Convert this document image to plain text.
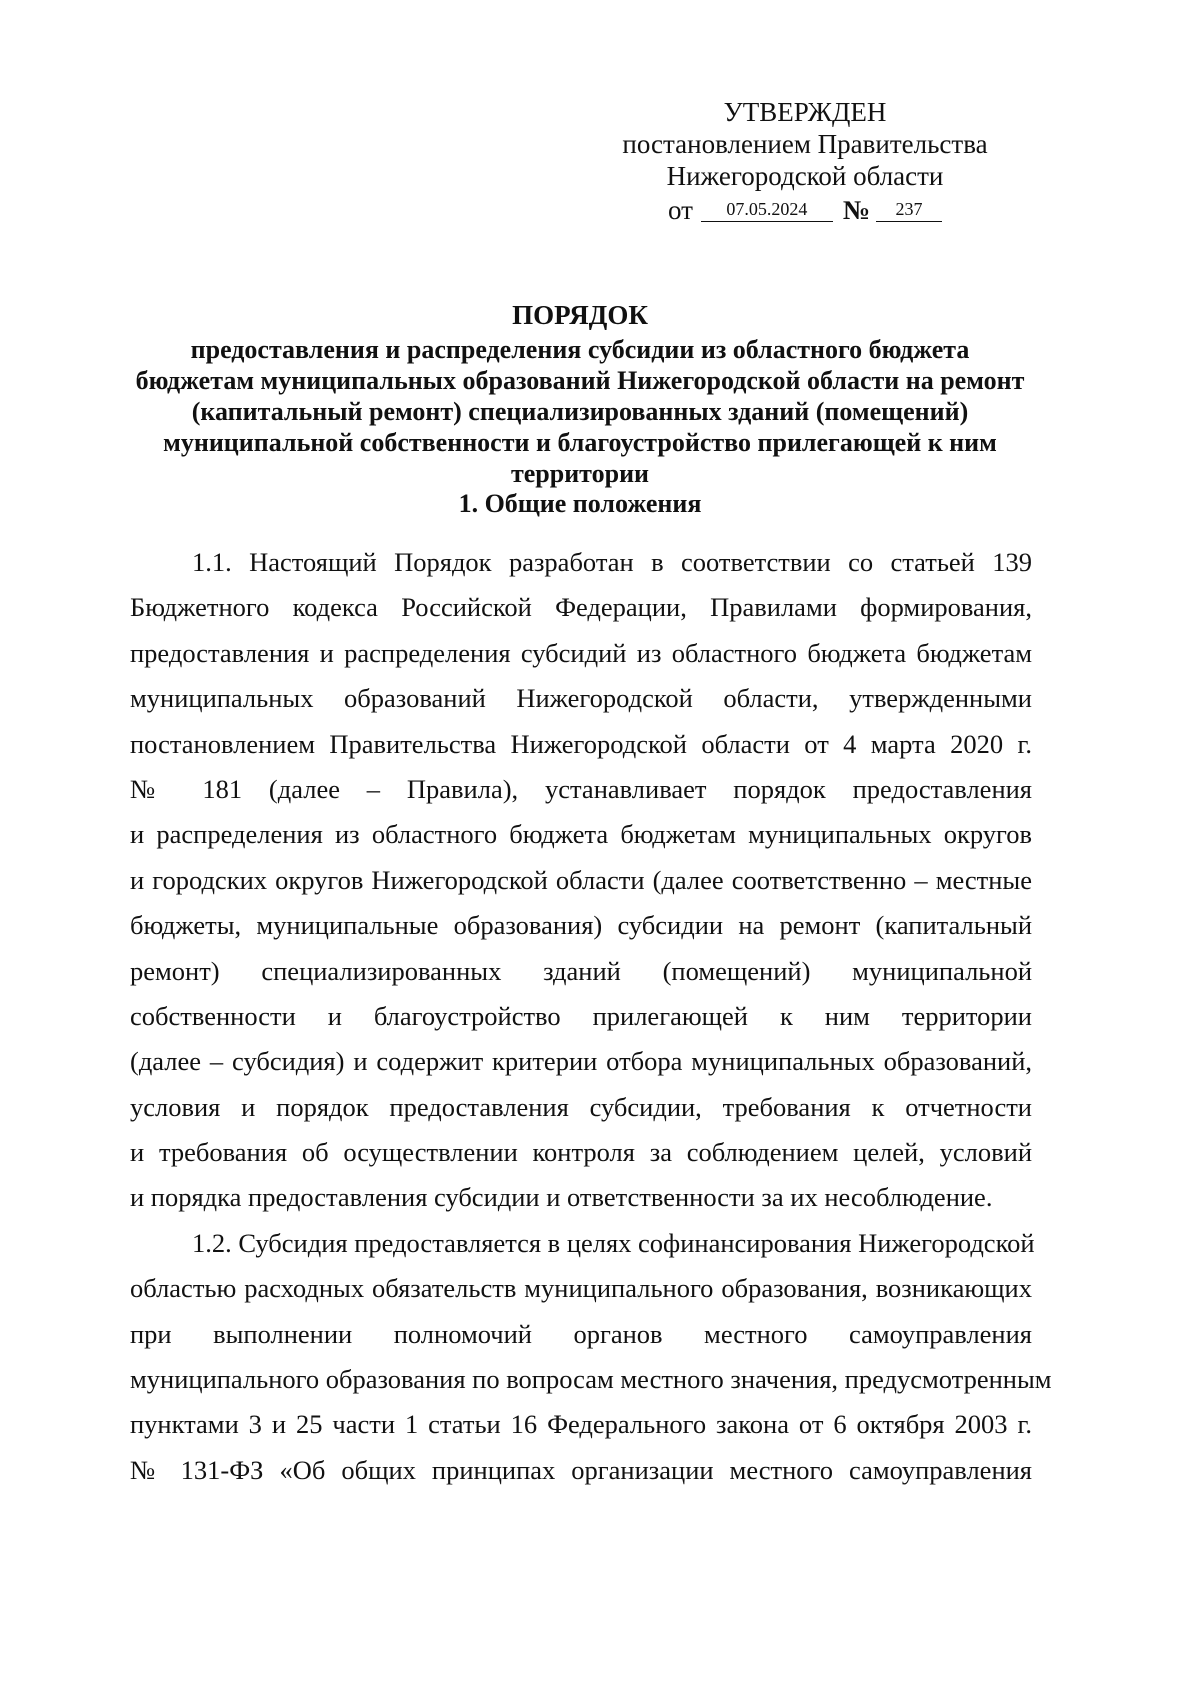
УТВЕРЖДЕН
постановлением Правительства
Нижегородской области
от 07.05.2024 № 237
ПОРЯДОК
предоставления и распределения субсидии из областного бюджета
бюджетам муниципальных образований Нижегородской области на ремонт
(капитальный ремонт) специализированных зданий (помещений)
муниципальной собственности и благоустройство прилегающей к ним
территории
1. Общие положения
1.1. Настоящий Порядок разработан в соответствии со статьей 139
Бюджетного кодекса Российской Федерации, Правилами формирования,
предоставления и распределения субсидий из областного бюджета бюджетам
муниципальных образований Нижегородской области, утвержденными
постановлением Правительства Нижегородской области от 4 марта 2020 г.
№ 181 (далее – Правила), устанавливает порядок предоставления
и распределения из областного бюджета бюджетам муниципальных округов
и городских округов Нижегородской области (далее соответственно – местные
бюджеты, муниципальные образования) субсидии на ремонт (капитальный
ремонт) специализированных зданий (помещений) муниципальной
собственности и благоустройство прилегающей к ним территории
(далее – субсидия) и содержит критерии отбора муниципальных образований,
условия и порядок предоставления субсидии, требования к отчетности
и требования об осуществлении контроля за соблюдением целей, условий
и порядка предоставления субсидии и ответственности за их несоблюдение.
1.2. Субсидия предоставляется в целях софинансирования Нижегородской
областью расходных обязательств муниципального образования, возникающих
при выполнении полномочий органов местного самоуправления
муниципального образования по вопросам местного значения, предусмотренным
пунктами 3 и 25 части 1 статьи 16 Федерального закона от 6 октября 2003 г.
№ 131-ФЗ «Об общих принципах организации местного самоуправления
